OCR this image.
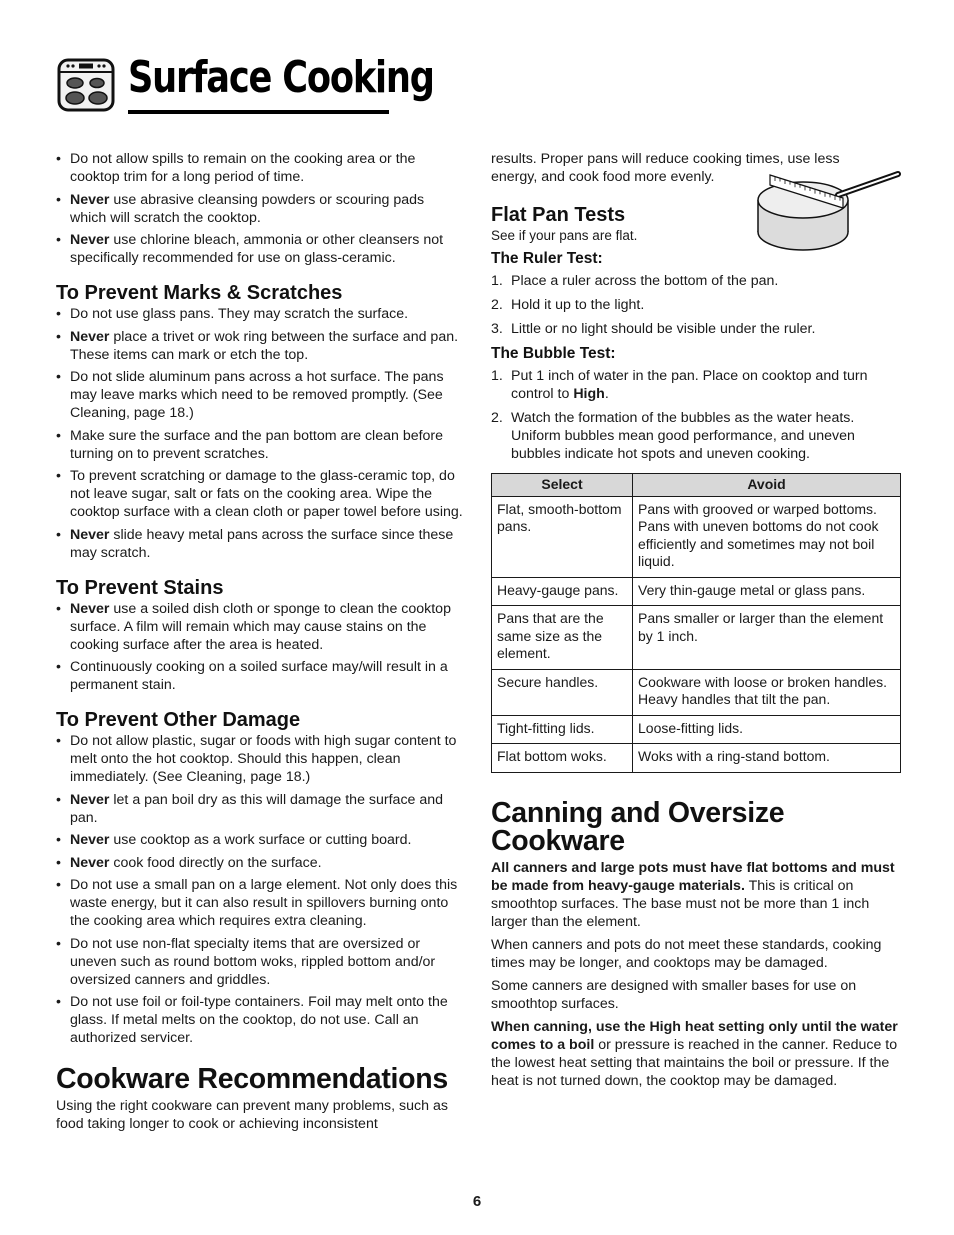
Surface Cooking
• Do not allow spills to remain on the cooking area or the cooktop trim for a long period of time.
• Never use abrasive cleansing powders or scouring pads which will scratch the cooktop.
• Never use chlorine bleach, ammonia or other cleansers not specifically recommended for use on glass-ceramic.
To Prevent Marks & Scratches
• Do not use glass pans. They may scratch the surface.
• Never place a trivet or wok ring between the surface and pan. These items can mark or etch the top.
• Do not slide aluminum pans across a hot surface. The pans may leave marks which need to be removed promptly. (See Cleaning, page 18.)
• Make sure the surface and the pan bottom are clean before turning on to prevent scratches.
• To prevent scratching or damage to the glass-ceramic top, do not leave sugar, salt or fats on the cooking area. Wipe the cooktop surface with a clean cloth or paper towel before using.
• Never slide heavy metal pans across the surface since these may scratch.
To Prevent Stains
• Never use a soiled dish cloth or sponge to clean the cooktop surface. A film will remain which may cause stains on the cooking surface after the area is heated.
• Continuously cooking on a soiled surface may/will result in a permanent stain.
To Prevent Other Damage
• Do not allow plastic, sugar or foods with high sugar content to melt onto the hot cooktop. Should this happen, clean immediately. (See Cleaning, page 18.)
• Never let a pan boil dry as this will damage the surface and pan.
• Never use cooktop as a work surface or cutting board.
• Never cook food directly on the surface.
• Do not use a small pan on a large element. Not only does this waste energy, but it can also result in spillovers burning onto the cooking area which requires extra cleaning.
• Do not use non-flat specialty items that are oversized or uneven such as round bottom woks, rippled bottom and/or oversized canners and griddles.
• Do not use foil or foil-type containers. Foil may melt onto the glass. If metal melts on the cooktop, do not use. Call an authorized servicer.
Cookware Recommendations

Using the right cookware can prevent many problems, such as food taking longer to cook or achieving inconsistent

results. Proper pans will reduce cooking times, use less energy, and cook food more evenly.

Flat Pan Tests

See if your pans are flat.

The Ruler Test:
1. Place a ruler across the bottom of the pan.
2. Hold it up to the light.
3. Little or no light should be visible under the ruler.
The Bubble Test:
1. Put 1 inch of water in the pan. Place on cooktop and turn control to High.
2. Watch the formation of the bubbles as the water heats. Uniform bubbles mean good performance, and uneven bubbles indicate hot spots and uneven cooking.
Select	Avoid
Flat, smooth-bottom pans.	Pans with grooved or warped bottoms. Pans with uneven bottoms do not cook efficiently and sometimes may not boil liquid.
Heavy-gauge pans.	Very thin-gauge metal or glass pans.
Pans that are the same size as the element.	Pans smaller or larger than the element by 1 inch.
Secure handles.	Cookware with loose or broken handles. Heavy handles that tilt the pan.
Tight-fitting lids.	Loose-fitting lids.
Flat bottom woks.	Woks with a ring-stand bottom.
Canning and Oversize Cookware

All canners and large pots must have flat bottoms and must be made from heavy-gauge materials. This is critical on smoothtop surfaces. The base must not be more than 1 inch larger than the element.

When canners and pots do not meet these standards, cooking times may be longer, and cooktops may be damaged.

Some canners are designed with smaller bases for use on smoothtop surfaces.

When canning, use the High heat setting only until the water comes to a boil or pressure is reached in the canner. Reduce to the lowest heat setting that maintains the boil or pressure. If the heat is not turned down, the cooktop may be damaged.

6
